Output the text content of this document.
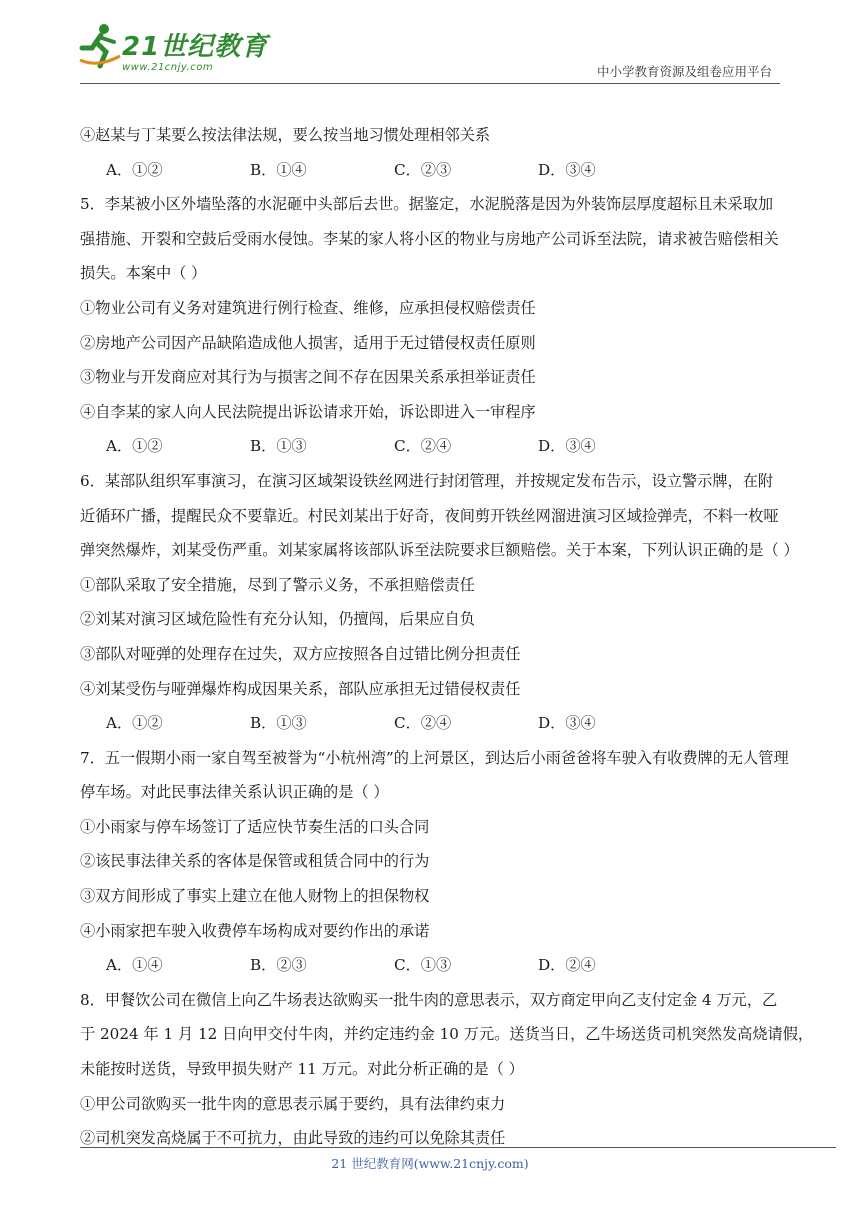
21世纪教育
www.21cnjy.com	中小学教育资源及组卷应用平台
④赵某与丁某要么按法律法规，要么按当地习惯处理相邻关系
A．①②	B．①④	C．②③	D．③④
5．李某被小区外墙坠落的水泥砸中头部后去世。据鉴定，水泥脱落是因为外装饰层厚度超标且未采取加
强措施、开裂和空鼓后受雨水侵蚀。李某的家人将小区的物业与房地产公司诉至法院，请求被告赔偿相关
损失。本案中（ ）
①物业公司有义务对建筑进行例行检查、维修，应承担侵权赔偿责任
②房地产公司因产品缺陷造成他人损害，适用于无过错侵权责任原则
③物业与开发商应对其行为与损害之间不存在因果关系承担举证责任
④自李某的家人向人民法院提出诉讼请求开始，诉讼即进入一审程序
A．①②	B．①③	C．②④	D．③④
6．某部队组织军事演习，在演习区域架设铁丝网进行封闭管理，并按规定发布告示，设立警示牌，在附
近循环广播，提醒民众不要靠近。村民刘某出于好奇，夜间剪开铁丝网溜进演习区域捡弹壳，不料一枚哑
弹突然爆炸，刘某受伤严重。刘某家属将该部队诉至法院要求巨额赔偿。关于本案，下列认识正确的是（ ）
①部队采取了安全措施，尽到了警示义务，不承担赔偿责任
②刘某对演习区域危险性有充分认知，仍擅闯，后果应自负
③部队对哑弹的处理存在过失，双方应按照各自过错比例分担责任
④刘某受伤与哑弹爆炸构成因果关系，部队应承担无过错侵权责任
A．①②	B．①③	C．②④	D．③④
7．五一假期小雨一家自驾至被誉为“小杭州湾”的上河景区，到达后小雨爸爸将车驶入有收费牌的无人管理
停车场。对此民事法律关系认识正确的是（ ）
①小雨家与停车场签订了适应快节奏生活的口头合同
②该民事法律关系的客体是保管或租赁合同中的行为
③双方间形成了事实上建立在他人财物上的担保物权
④小雨家把车驶入收费停车场构成对要约作出的承诺
A．①④	B．②③	C．①③	D．②④
8．甲餐饮公司在微信上向乙牛场表达欲购买一批牛肉的意思表示，双方商定甲向乙支付定金 4 万元，乙
于 2024 年 1 月 12 日向甲交付牛肉，并约定违约金 10 万元。送货当日，乙牛场送货司机突然发高烧请假，
未能按时送货，导致甲损失财产 11 万元。对此分析正确的是（ ）
①甲公司欲购买一批牛肉的意思表示属于要约，具有法律约束力
②司机突发高烧属于不可抗力，由此导致的违约可以免除其责任
21 世纪教育网(www.21cnjy.com)
